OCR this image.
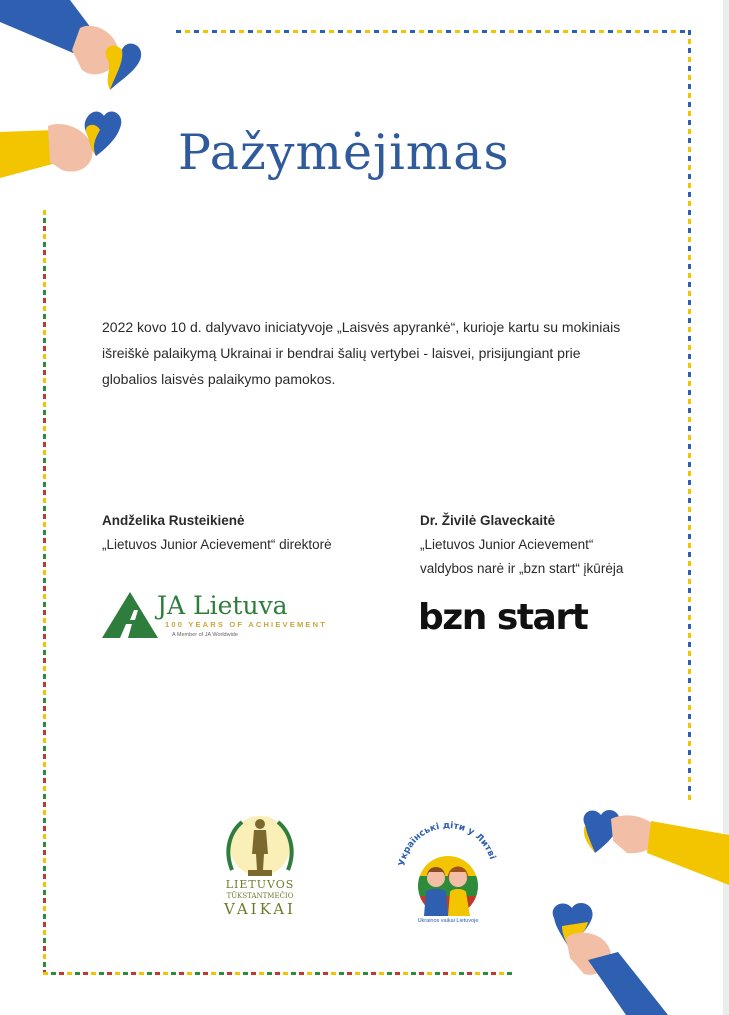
Pažymėjimas
2022 kovo 10 d. dalyvavo iniciatyvoje „Laisvės apyrankė“, kurioje kartu su mokiniais išreiškė palaikymą Ukrainai ir bendrai šalių vertybei - laisvei, prisijungiant prie globalios laisvės palaikymo pamokos.
Andželika Rusteikienė
„Lietuvos Junior Acievement“ direktorė
Dr. Živilė Glaveckaitė
„Lietuvos Junior Acievement“
valdybos narė ir „bzn start“ įkūrėja
JA Lietuva
100 YEARS OF ACHIEVEMENT
A Member of JA Worldwide	bzn start
LIETUVOS
TŪKSTANTMEČIO
VAIKAI
Українські діти у Литві
Ukrainos vaikai Lietuvoje
